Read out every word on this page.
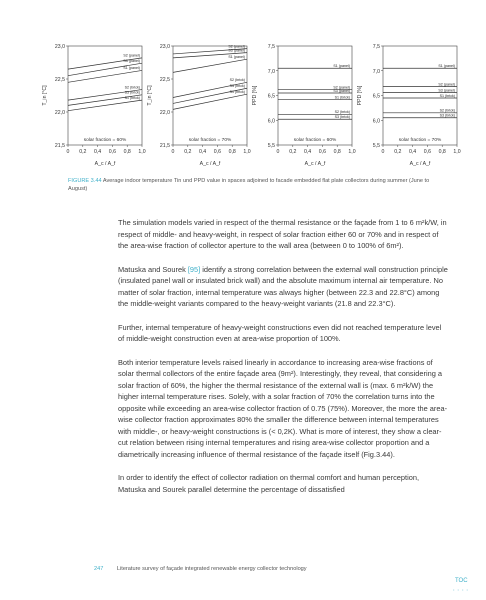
21,5
22,0
22,5
23,0
0 0,2 0,4 0,6 0,8 1,0
A_c / A_f
T_in [°C]
solar fraction = 60%
S2 (panel)
S3 (panel)
S1 (panel)
S2 (brick)
S3 (brick)
S1 (brick)
21,5
22,0
22,5
23,0
0 0,2 0,4 0,6 0,8 1,0
A_c / A_f
T_in [°C]
solar fraction = 70%
S2 (panel)
S3 (panel)
S1 (panel)
S2 (brick)
S3 (brick)
S1 (brick)
5,5
6,0
6,5
7,0
7,5
0 0,2 0,4 0,6 0,8 1,0
A_c / A_f
PPD [%]
solar fraction = 60%
S1 (panel)
S2 (panel)
S3 (panel)
S1 (brick)
S2 (brick)
S3 (brick)
5,5
6,0
6,5
7,0
7,5
0 0,2 0,4 0,6 0,8 1,0
A_c / A_f
PPD [%]
solar fraction = 70%
S1 (panel)
S2 (panel)
S3 (panel)
S1 (brick)
S2 (brick)
S3 (brick)
FIGURE 3.44 Average indoor temperature Tin und PPD value in spaces adjoined to facade embedded flat plate collectors during summer (June to August)

The simulation models varied in respect of the thermal resistance or the façade from 1 to 6 m²k/W, in respect of middle- and heavy-weight, in respect of solar fraction either 60 or 70% and in respect of the area-wise fraction of collector aperture to the wall area (between 0 to 100% of 6m²).

Matuska and Sourek [95] identify a strong correlation between the external wall construction principle (insulated panel wall or insulated brick wall) and the absolute maximum internal air temperature. No matter of solar fraction, internal temperature was always higher (between 22.3 and 22.8°C) among the middle-weight variants compared to the heavy-weight variants (21.8 and 22.3°C).

Further, internal temperature of heavy-weight constructions even did not reached temperature level of middle-weight construction even at area-wise proportion of 100%.

Both interior temperature levels raised linearly in accordance to increasing area-wise fractions of solar thermal collectors of the entire façade area (9m²). Interestingly, they reveal, that considering a solar fraction of 60%, the higher the thermal resistance of the external wall is (max. 6 m²k/W) the higher internal temperature rises. Solely, with a solar fraction of 70% the correlation turns into the opposite while exceeding an area-wise collector fraction of 0.75 (75%). Moreover, the more the area-wise collector fraction approximates 80% the smaller the difference between internal temperatures with middle-, or heavy-weight constructions is (< 0,2K). What is more of interest, they show a clear-cut relation between rising internal temperatures and rising area-wise collector proportion and a diametrically increasing influence of thermal resistance of the façade itself (Fig.3.44).

In order to identify the effect of collector radiation on thermal comfort and human perception, Matuska and Sourek parallel determine the percentage of dissatisfied

247 Literature survey of façade integrated renewable energy collector technology
TOC
• • • •
